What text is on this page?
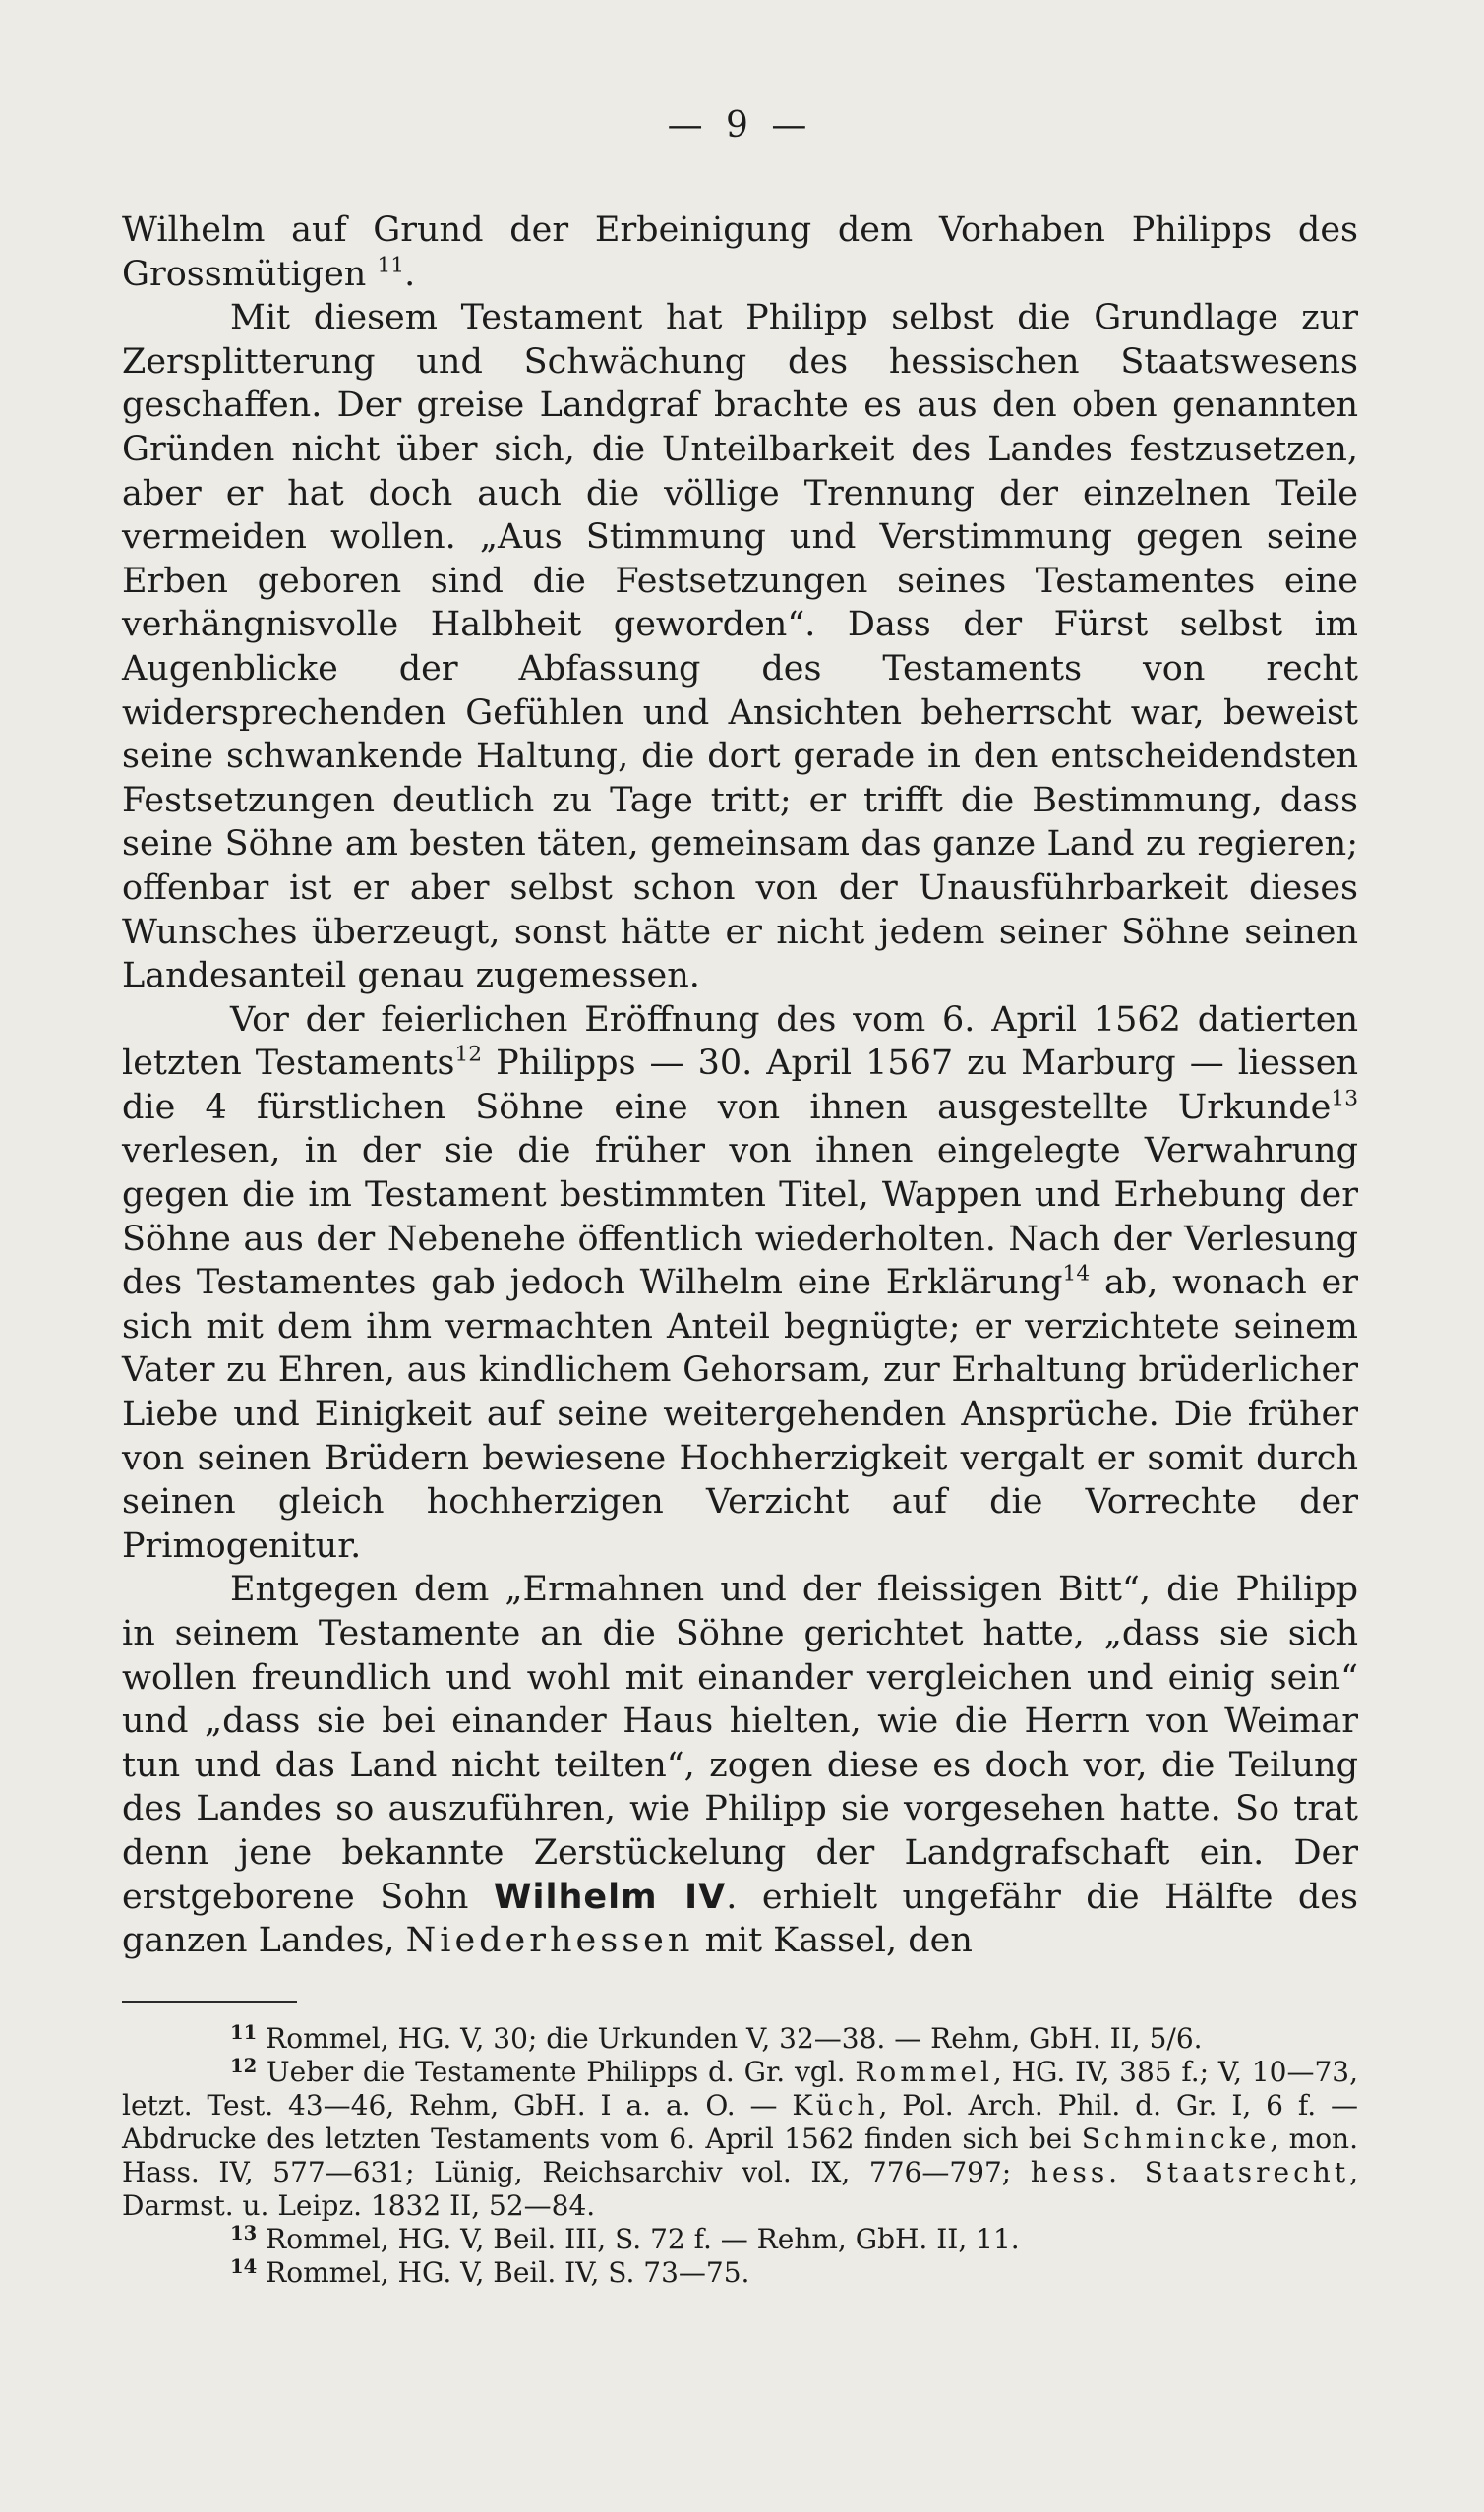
— 9 —

Wilhelm auf Grund der Erbeinigung dem Vorhaben Philipps des Grossmütigen $^{11}$.

Mit diesem Testament hat Philipp selbst die Grundlage zur Zersplitterung und Schwächung des hessischen Staatswesens geschaffen. Der greise Landgraf brachte es aus den oben genannten Gründen nicht über sich, die Unteilbarkeit des Landes festzusetzen, aber er hat doch auch die völlige Trennung der einzelnen Teile vermeiden wollen. „Aus Stimmung und Verstimmung gegen seine Erben geboren sind die Festsetzungen seines Testamentes eine verhängnisvolle Halbheit geworden“. Dass der Fürst selbst im Augenblicke der Abfassung des Testaments von recht widersprechenden Gefühlen und Ansichten beherrscht war, beweist seine schwankende Haltung, die dort gerade in den entscheidendsten Festsetzungen deutlich zu Tage tritt; er trifft die Bestimmung, dass seine Söhne am besten täten, gemeinsam das ganze Land zu regieren; offenbar ist er aber selbst schon von der Unausführbarkeit dieses Wunsches überzeugt, sonst hätte er nicht jedem seiner Söhne seinen Landesanteil genau zugemessen.

Vor der feierlichen Eröffnung des vom 6. April 1562 datierten letzten Testaments$^{12}$ Philipps — 30. April 1567 zu Marburg — liessen die 4 fürstlichen Söhne eine von ihnen ausgestellte Urkunde$^{13}$ verlesen, in der sie die früher von ihnen eingelegte Verwahrung gegen die im Testament bestimmten Titel, Wappen und Erhebung der Söhne aus der Nebenehe öffentlich wiederholten. Nach der Verlesung des Testamentes gab jedoch Wilhelm eine Erklärung$^{14}$ ab, wonach er sich mit dem ihm vermachten Anteil begnügte; er verzichtete seinem Vater zu Ehren, aus kindlichem Gehorsam, zur Erhaltung brüderlicher Liebe und Einigkeit auf seine weitergehenden Ansprüche. Die früher von seinen Brüdern bewiesene Hochherzigkeit vergalt er somit durch seinen gleich hochherzigen Verzicht auf die Vorrechte der Primogenitur.

Entgegen dem „Ermahnen und der fleissigen Bitt“, die Philipp in seinem Testamente an die Söhne gerichtet hatte, „dass sie sich wollen freundlich und wohl mit einander vergleichen und einig sein“ und „dass sie bei einander Haus hielten, wie die Herrn von Weimar tun und das Land nicht teilten“, zogen diese es doch vor, die Teilung des Landes so auszuführen, wie Philipp sie vorgesehen hatte. So trat denn jene bekannte Zerstückelung der Landgrafschaft ein. Der erstgeborene Sohn Wilhelm IV. erhielt ungefähr die Hälfte des ganzen Landes, Niederhessen mit Kassel, den

$^{11}$ Rommel, HG. V, 30; die Urkunden V, 32—38. — Rehm, GbH. II, 5/6.

$^{12}$ Ueber die Testamente Philipps d. Gr. vgl. Rommel, HG. IV, 385 f.; V, 10—73, letzt. Test. 43—46, Rehm, GbH. I a. a. O. — Küch, Pol. Arch. Phil. d. Gr. I, 6 f. — Abdrucke des letzten Testaments vom 6. April 1562 finden sich bei Schmincke, mon. Hass. IV, 577—631; Lünig, Reichsarchiv vol. IX, 776—797; hess. Staatsrecht, Darmst. u. Leipz. 1832 II, 52—84.

$^{13}$ Rommel, HG. V, Beil. III, S. 72 f. — Rehm, GbH. II, 11.

$^{14}$ Rommel, HG. V, Beil. IV, S. 73—75.
